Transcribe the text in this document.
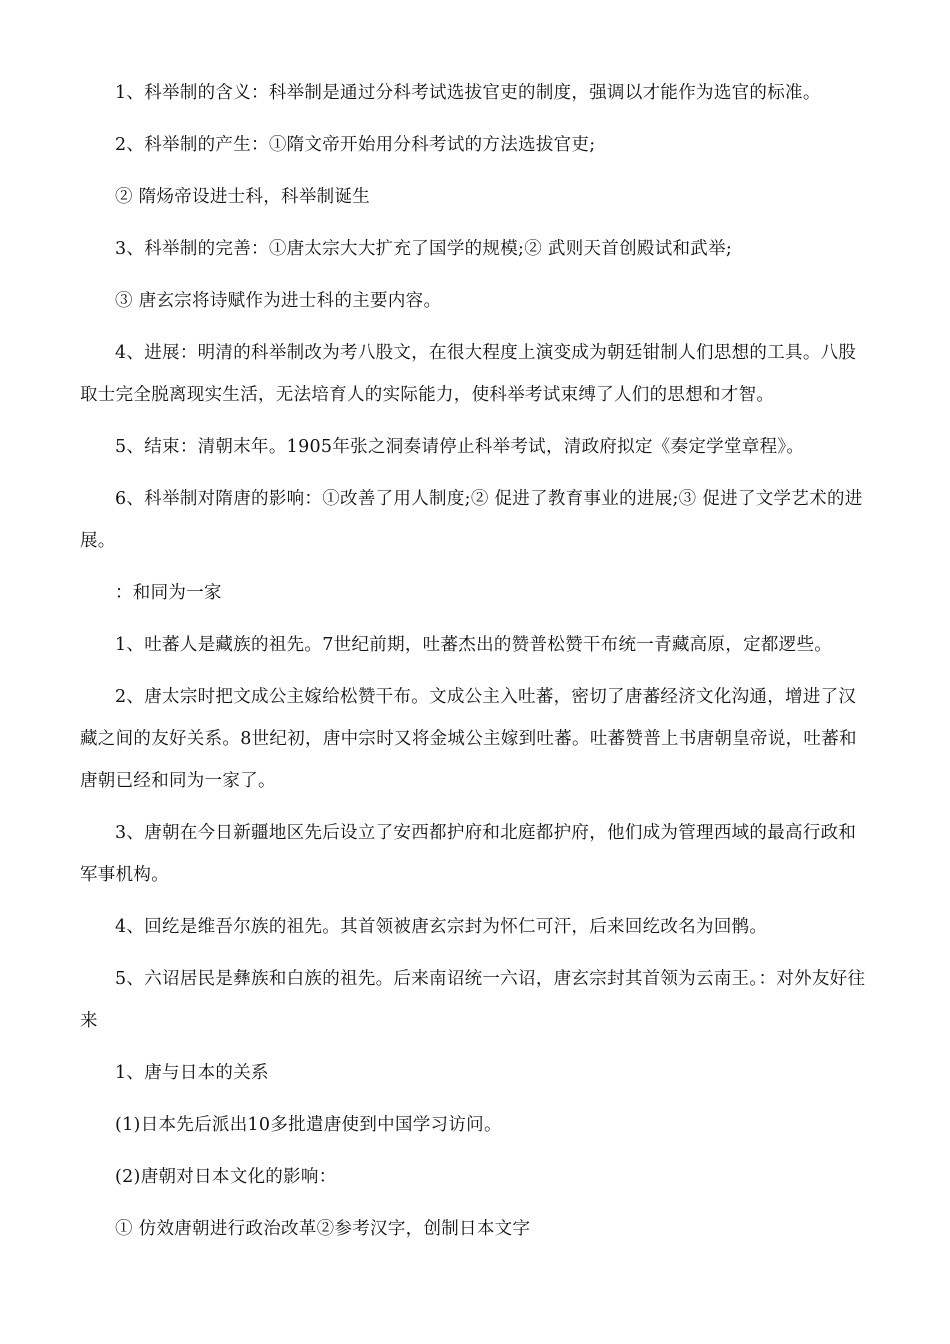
1、科举制的含义：科举制是通过分科考试选拔官吏的制度，强调以才能作为选官的标准。

2、科举制的产生：①隋文帝开始用分科考试的方法选拔官吏;

② 隋炀帝设进士科，科举制诞生

3、科举制的完善：①唐太宗大大扩充了国学的规模;② 武则天首创殿试和武举;

③ 唐玄宗将诗赋作为进士科的主要内容。

4、进展：明清的科举制改为考八股文，在很大程度上演变成为朝廷钳制人们思想的工具。八股取士完全脱离现实生活，无法培育人的实际能力，使科举考试束缚了人们的思想和才智。

5、结束：清朝末年。1905年张之洞奏请停止科举考试，清政府拟定《奏定学堂章程》。

6、科举制对隋唐的影响：①改善了用人制度;② 促进了教育事业的进展;③ 促进了文学艺术的进展。

：和同为一家

1、吐蕃人是藏族的祖先。7世纪前期，吐蕃杰出的赞普松赞干布统一青藏高原，定都逻些。

2、唐太宗时把文成公主嫁给松赞干布。文成公主入吐蕃，密切了唐蕃经济文化沟通，增进了汉藏之间的友好关系。8世纪初，唐中宗时又将金城公主嫁到吐蕃。吐蕃赞普上书唐朝皇帝说，吐蕃和唐朝已经和同为一家了。

3、唐朝在今日新疆地区先后设立了安西都护府和北庭都护府，他们成为管理西域的最高行政和军事机构。

4、回纥是维吾尔族的祖先。其首领被唐玄宗封为怀仁可汗，后来回纥改名为回鹘。

5、六诏居民是彝族和白族的祖先。后来南诏统一六诏，唐玄宗封其首领为云南王。：对外友好往来

1、唐与日本的关系

(1)日本先后派出10多批遣唐使到中国学习访问。

(2)唐朝对日本文化的影响：

① 仿效唐朝进行政治改革②参考汉字，创制日本文字
